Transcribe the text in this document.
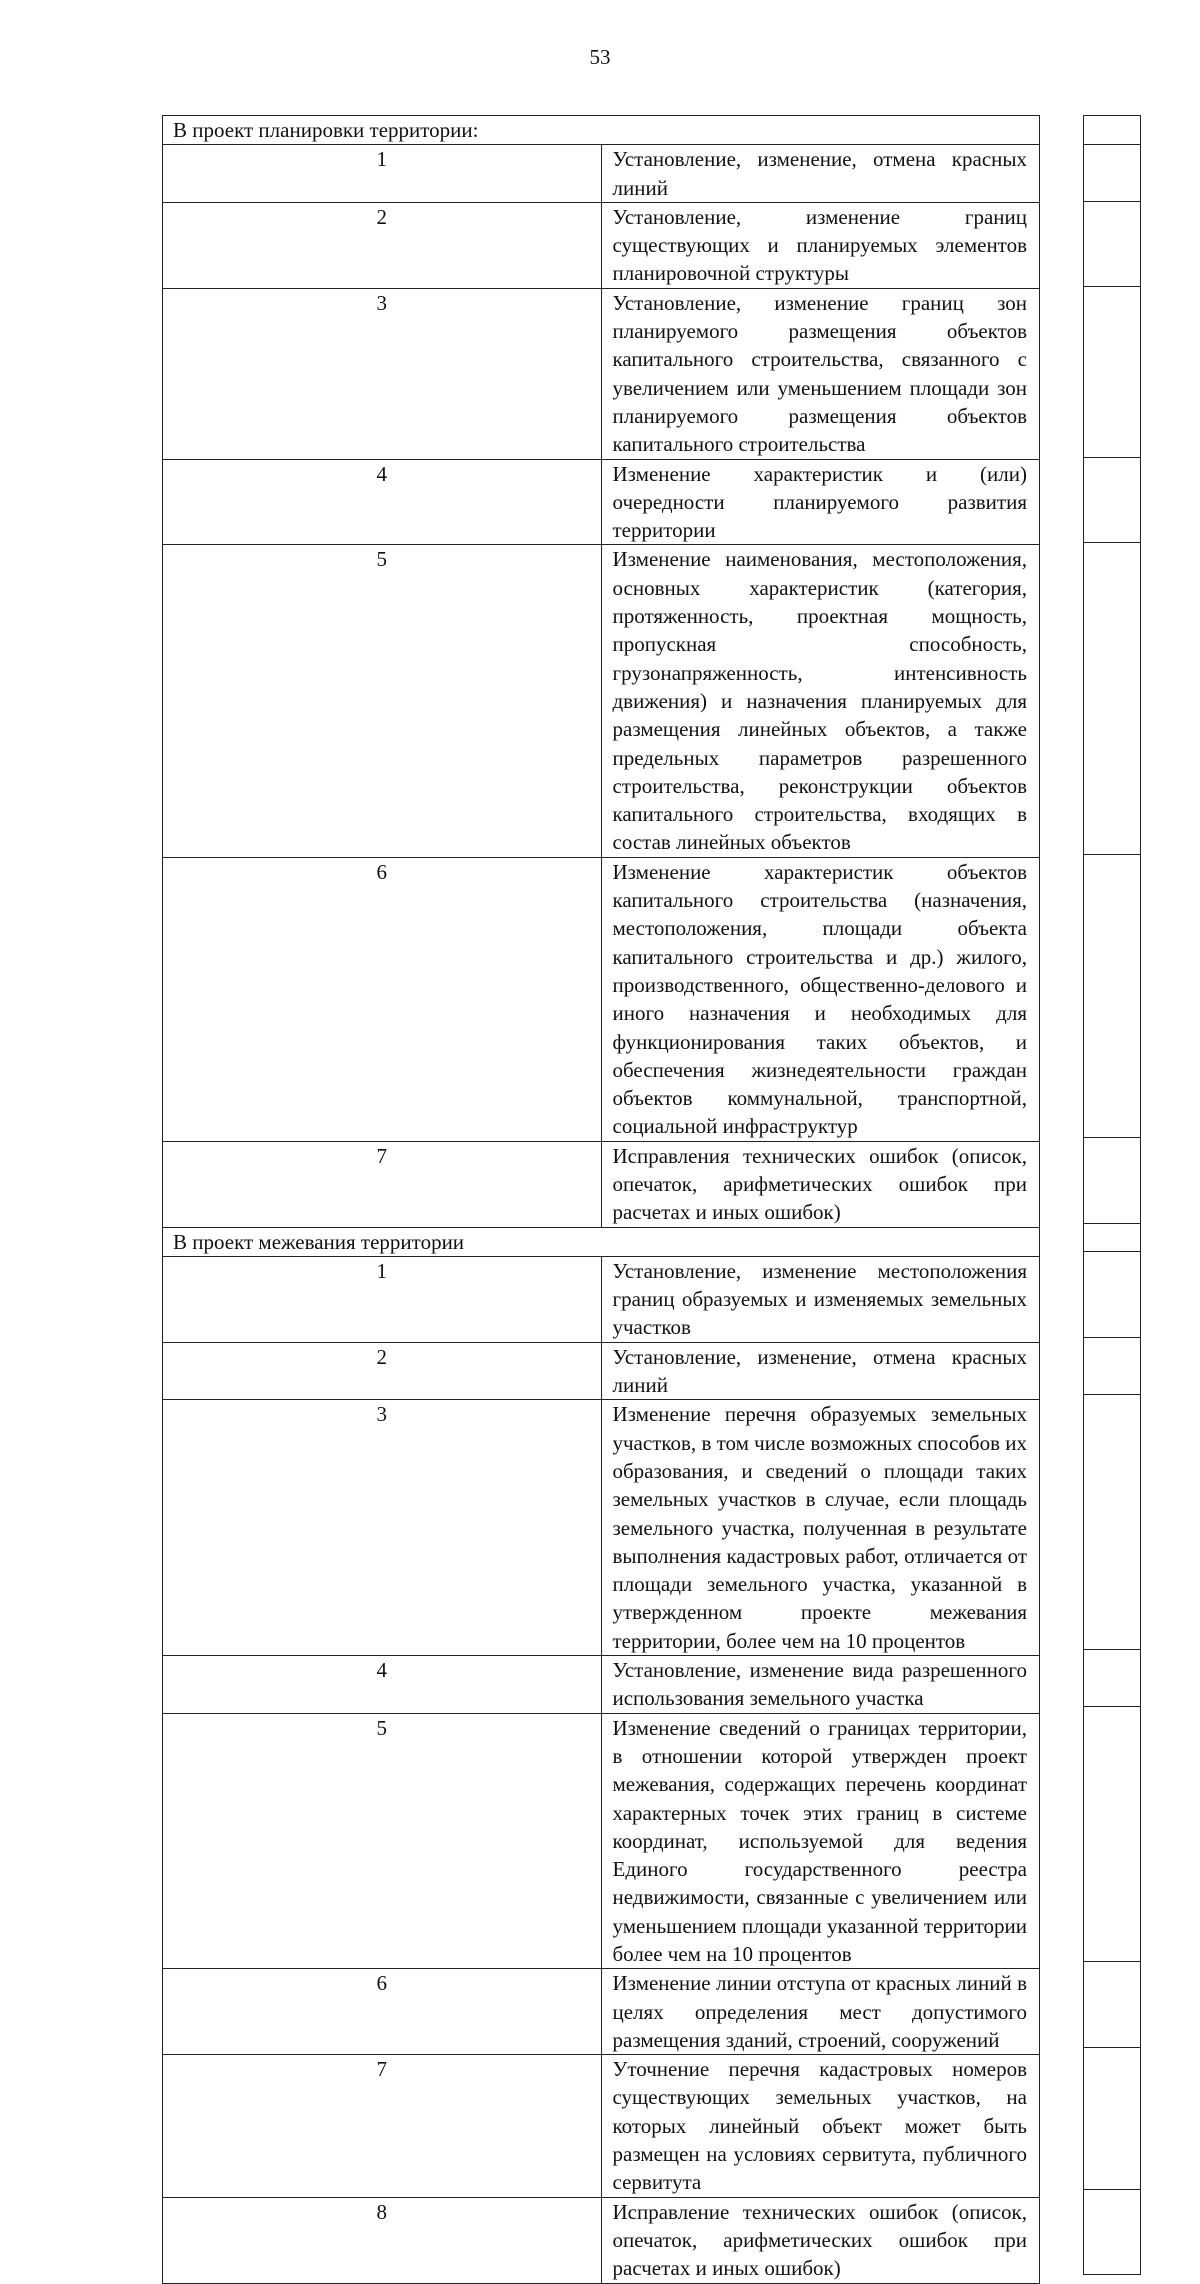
53
В проект планировки территории:	
1	Установление, изменение, отмена красных линий
2	Установление, изменение границ существующих и планируемых элементов планировочной структуры
3	Установление, изменение границ зон планируемого размещения объектов капитального строительства, связанного с увеличением или уменьшением площади зон планируемого размещения объектов капитального строительства
4	Изменение характеристик и (или) очередности планируемого развития территории
5	Изменение наименования, местоположения, основных характеристик (категория, протяженность, проектная мощность, пропускная способность, грузонапряженность, интенсивность движения) и назначения планируемых для размещения линейных объектов, а также предельных параметров разрешенного строительства, реконструкции объектов капитального строительства, входящих в состав линейных объектов
6	Изменение характеристик объектов капитального строительства (назначения, местоположения, площади объекта капитального строительства и др.) жилого, производственного, общественно-делового и иного назначения и необходимых для функционирования таких объектов, и обеспечения жизнедеятельности граждан объектов коммунальной, транспортной, социальной инфраструктур
7	Исправления технических ошибок (описок, опечаток, арифметических ошибок при расчетах и иных ошибок)
В проект межевания территории	
1	Установление, изменение местоположения границ образуемых и изменяемых земельных участков
2	Установление, изменение, отмена красных линий
3	Изменение перечня образуемых земельных участков, в том числе возможных способов их образования, и сведений о площади таких земельных участков в случае, если площадь земельного участка, полученная в результате выполнения кадастровых работ, отличается от площади земельного участка, указанной в утвержденном проекте межевания территории, более чем на 10 процентов
4	Установление, изменение вида разрешенного использования земельного участка
5	Изменение сведений о границах территории, в отношении которой утвержден проект межевания, содержащих перечень координат характерных точек этих границ в системе координат, используемой для ведения Единого государственного реестра недвижимости, связанные с увеличением или уменьшением площади указанной территории более чем на 10 процентов
6	Изменение линии отступа от красных линий в целях определения мест допустимого размещения зданий, строений, сооружений
7	Уточнение перечня кадастровых номеров существующих земельных участков, на которых линейный объект может быть размещен на условиях сервитута, публичного сервитута
8	Исправление технических ошибок (описок, опечаток, арифметических ошибок при расчетах и иных ошибок)
